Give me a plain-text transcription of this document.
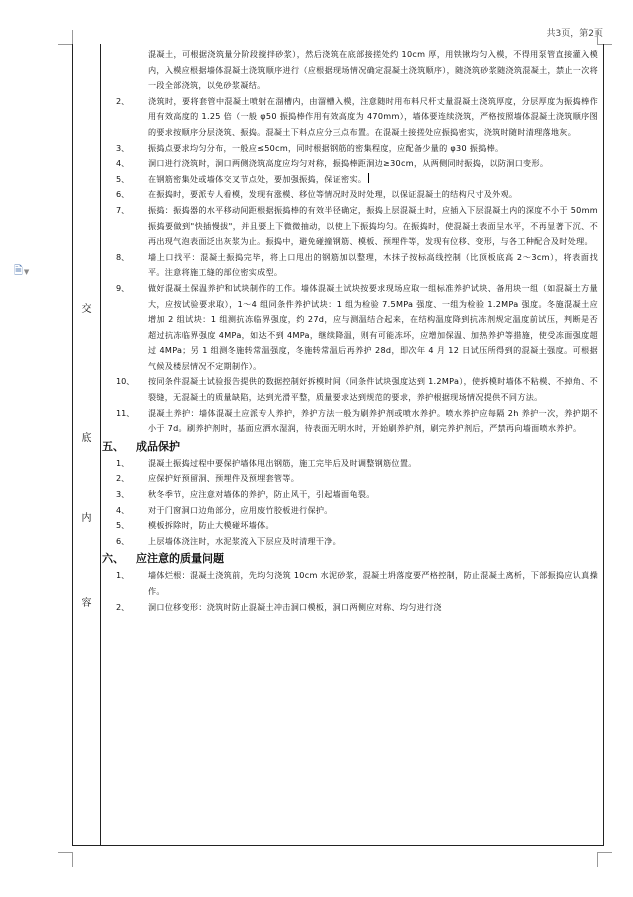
共3页，第2页
🗎▼
交
底
内
容
混凝土，可根据浇筑量分阶段搅拌砂浆），然后浇筑在底部接搓处约 10cm 厚，用铁锹均匀入模，不得用泵管直接灌入模内，入模应根据墙体混凝土浇筑顺序进行（应根据现场情况确定混凝土浇筑顺序），随浇筑砂浆随浇筑混凝土，禁止一次将一段全部浇筑，以免砂浆凝结。
2、	浇筑时，要将套管中混凝土喷射在溜槽内，由溜槽入模，注意随时用布料尺杆丈量混凝土浇筑厚度，分层厚度为振捣棒作用有效高度的 1.25 倍（一般 φ50 振捣棒作用有效高度为 470mm），墙体要连续浇筑，严格按照墙体混凝土浇筑顺序图的要求按顺序分层浇筑、振捣。混凝土下料点应分三点布置。在混凝土接搓处应振捣密实，浇筑时随时清理落地灰。
3、	振捣点要求均匀分布，一般应≤50cm，同时根据钢筋的密集程度，应配备少量的 φ30 振捣棒。
4、	洞口进行浇筑时，洞口两侧浇筑高度应均匀对称，振捣棒距洞边≥30cm，从两侧同时振捣，以防洞口变形。
5、	在钢筋密集处或墙体交叉节点处，要加强振捣，保证密实。
6、	在振捣时，要派专人看模，发现有涨模、移位等情况时及时处理，以保证混凝土的结构尺寸及外观。
7、	振捣：振捣器的水平移动间距根据振捣棒的有效半径确定，振捣上层混凝土时，应插入下层混凝土内的深度不小于 50mm 振捣要做到"快插慢拔"，并且要上下微微抽动，以使上下振捣均匀。在振捣时，使混凝土表面呈水平，不再显著下沉、不再出现气泡表面泛出灰浆为止。振捣中，避免碰撞钢筋、模板、预埋件等，发现有位移、变形，与各工种配合及时处理。
8、	墙上口找平：混凝土振捣完毕，将上口甩出的钢筋加以整理，木抹子按标高线控制（比顶板底高 2～3cm），将表面找平。注意将施工缝的部位密实成型。
9、	做好混凝土保温养护和试块制作的工作。墙体混凝土试块按要求现场应取一组标准养护试块、备用块一组（如混凝土方量大，应按试验要求取），1～4 组同条件养护试块：1 组为检验 7.5MPa 强度、一组为检验 1.2MPa 强度。冬施混凝土应增加 2 组试块：1 组测抗冻临界强度，约 27d，应与测温结合起来，在结构温度降到抗冻剂规定温度前试压，判断是否超过抗冻临界强度 4MPa，如达不到 4MPa，继续降温，则有可能冻坏，应增加保温、加热养护等措施，使受冻面强度超过 4MPa；另 1 组测冬施转常温强度，冬施转常温后再养护 28d，即次年 4 月 12 日试压所得到的混凝土强度。可根据气候及楼层情况不定期制作）。
10、	按同条件混凝土试验报告提供的数据控制好拆模时间（同条件试块强度达到 1.2MPa），使拆模时墙体不粘模、不掉角、不裂缝，无混凝土的质量缺陷，达到光滑平整，质量要求达到规范的要求，养护根据现场情况提供不同方法。
11、	混凝土养护：墙体混凝土应派专人养护，养护方法一般为刷养护剂或喷水养护。喷水养护应每隔 2h 养护一次，养护期不小于 7d。刷养护剂时，基面应洒水湿润，待表面无明水时，开始刷养护剂，刷完养护剂后，严禁再向墙面喷水养护。
五、	成品保护
1、	混凝土振捣过程中要保护墙体甩出钢筋，施工完毕后及时调整钢筋位置。
2、	应保护好预留洞、预埋件及预埋套管等。
3、	秋冬季节，应注意对墙体的养护，防止风干，引起墙面龟裂。
4、	对于门窗洞口边角部分，应用废竹胶板进行保护。
5、	模板拆除时，防止大模碰坏墙体。
6、	上层墙体浇注时，水泥浆流入下层应及时清理干净。
六、	应注意的质量问题
1、	墙体烂根：混凝土浇筑前，先均匀浇筑 10cm 水泥砂浆，混凝土坍落度要严格控制，防止混凝土离析，下部振捣应认真操作。
2、	洞口位移变形：浇筑时防止混凝土冲击洞口模板，洞口两侧应对称、均匀进行浇
